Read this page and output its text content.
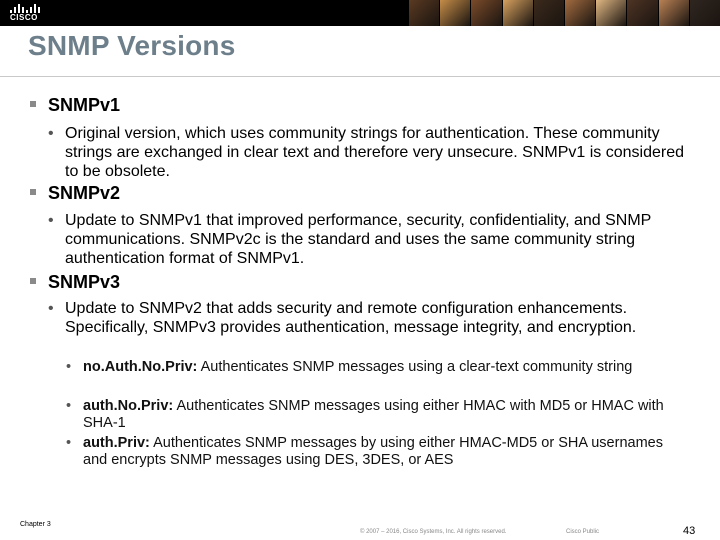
CISCO
SNMP Versions
SNMPv1
• Original version, which uses community strings for authentication. These community strings are exchanged in clear text and therefore very unsecure. SNMPv1 is considered to be obsolete.
SNMPv2
• Update to SNMPv1 that improved performance, security, confidentiality, and SNMP communications. SNMPv2c is the standard and uses the same community string authentication format of SNMPv1.
SNMPv3
• Update to SNMPv2 that adds security and remote configuration enhancements. Specifically, SNMPv3 provides authentication, message integrity, and encryption.
• no.Auth.No.Priv: Authenticates SNMP messages using a clear-text community string
• auth.No.Priv: Authenticates SNMP messages using either HMAC with MD5 or HMAC with SHA-1
• auth.Priv: Authenticates SNMP messages by using either HMAC-MD5 or SHA usernames and encrypts SNMP messages using DES, 3DES, or AES
Chapter 3
© 2007 – 2016, Cisco Systems, Inc. All rights reserved.	Cisco Public	43
